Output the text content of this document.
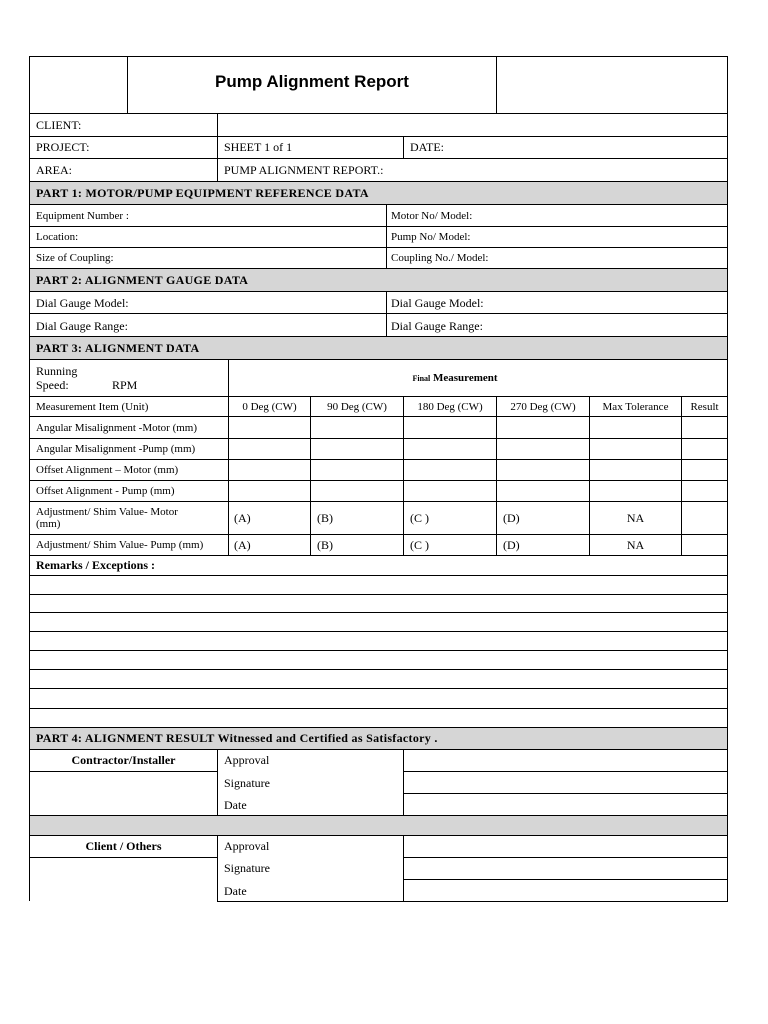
Pump Alignment Report
CLIENT:
PROJECT:	SHEET 1 of 1	DATE:
AREA:	PUMP ALIGNMENT REPORT.:
PART 1: MOTOR/PUMP EQUIPMENT REFERENCE DATA
Equipment Number :	Motor No/ Model:
Location:	Pump No/ Model:
Size of Coupling:	Coupling No./ Model:
PART 2: ALIGNMENT GAUGE DATA
Dial Gauge Model:	Dial Gauge Model:
Dial Gauge Range:	Dial Gauge Range:
PART 3: ALIGNMENT DATA
Running
Speed:	RPM	Final Measurement
Measurement Item (Unit)	0 Deg (CW)	90 Deg (CW)	180 Deg (CW)	270 Deg (CW)	Max Tolerance	Result
Angular Misalignment -Motor (mm)
Angular Misalignment -Pump (mm)
Offset Alignment – Motor (mm)
Offset Alignment - Pump (mm)
Adjustment/ Shim Value- Motor
(mm)	(A)	(B)	(C )	(D)	NA
Adjustment/ Shim Value- Pump (mm)	(A)	(B)	(C )	(D)	NA
Remarks / Exceptions :
PART 4: ALIGNMENT RESULT Witnessed and Certified as Satisfactory .
Contractor/Installer	Approval
Signature
Date
Client / Others	Approval
Signature
Date
